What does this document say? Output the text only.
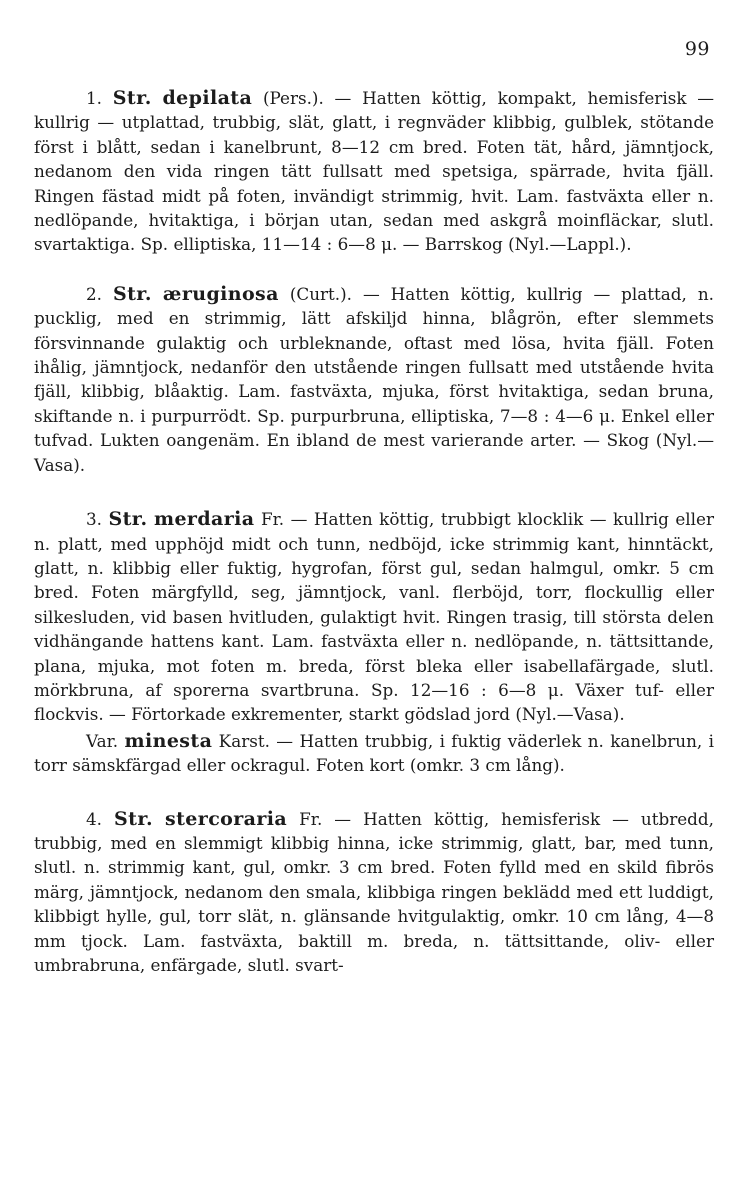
99

1. Str. depilata (Pers.). — Hatten köttig, kompakt, hemisferisk — kullrig — utplattad, trubbig, slät, glatt, i regnväder klibbig, gulblek, stötande först i blått, sedan i kanelbrunt, 8—12 cm bred. Foten tät, hård, jämntjock, nedanom den vida ringen tätt fullsatt med spetsiga, spärrade, hvita fjäll. Ringen fästad midt på foten, invändigt strimmig, hvit. Lam. fastväxta eller n. nedlöpande, hvitaktiga, i början utan, sedan med askgrå moinfläckar, slutl. svartaktiga. Sp. elliptiska, 11—14 : 6—8 μ. — Barrskog (Nyl.—Lappl.).

2. Str. æruginosa (Curt.). — Hatten köttig, kullrig — plattad, n. pucklig, med en strimmig, lätt afskiljd hinna, blågrön, efter slemmets försvinnande gulaktig och urbleknande, oftast med lösa, hvita fjäll. Foten ihålig, jämntjock, nedanför den utstående ringen fullsatt med utstående hvita fjäll, klibbig, blåaktig. Lam. fastväxta, mjuka, först hvitaktiga, sedan bruna, skiftande n. i purpurrödt. Sp. purpurbruna, elliptiska, 7—8 : 4—6 μ. Enkel eller tufvad. Lukten oangenäm. En ibland de mest varierande arter. — Skog (Nyl.—Vasa).

3. Str. merdaria Fr. — Hatten köttig, trubbigt klocklik — kullrig eller n. platt, med upphöjd midt och tunn, nedböjd, icke strimmig kant, hinntäckt, glatt, n. klibbig eller fuktig, hygrofan, först gul, sedan halmgul, omkr. 5 cm bred. Foten märgfylld, seg, jämntjock, vanl. flerböjd, torr, flockullig eller silkesluden, vid basen hvitluden, gulaktigt hvit. Ringen trasig, till största delen vidhängande hattens kant. Lam. fastväxta eller n. nedlöpande, n. tättsittande, plana, mjuka, mot foten m. breda, först bleka eller isabellafärgade, slutl. mörkbruna, af sporerna svartbruna. Sp. 12—16 : 6—8 μ. Växer tuf- eller flockvis. — Förtorkade exkrementer, starkt gödslad jord (Nyl.—Vasa).

Var. minesta Karst. — Hatten trubbig, i fuktig väderlek n. kanelbrun, i torr sämskfärgad eller ockragul. Foten kort (omkr. 3 cm lång).

4. Str. stercoraria Fr. — Hatten köttig, hemisferisk — utbredd, trubbig, med en slemmigt klibbig hinna, icke strimmig, glatt, bar, med tunn, slutl. n. strimmig kant, gul, omkr. 3 cm bred. Foten fylld med en skild fibrös märg, jämntjock, nedanom den smala, klibbiga ringen beklädd med ett luddigt, klibbigt hylle, gul, torr slät, n. glänsande hvitgulaktig, omkr. 10 cm lång, 4—8 mm tjock. Lam. fastväxta, baktill m. breda, n. tättsittande, oliv- eller umbrabruna, enfärgade, slutl. svart-
